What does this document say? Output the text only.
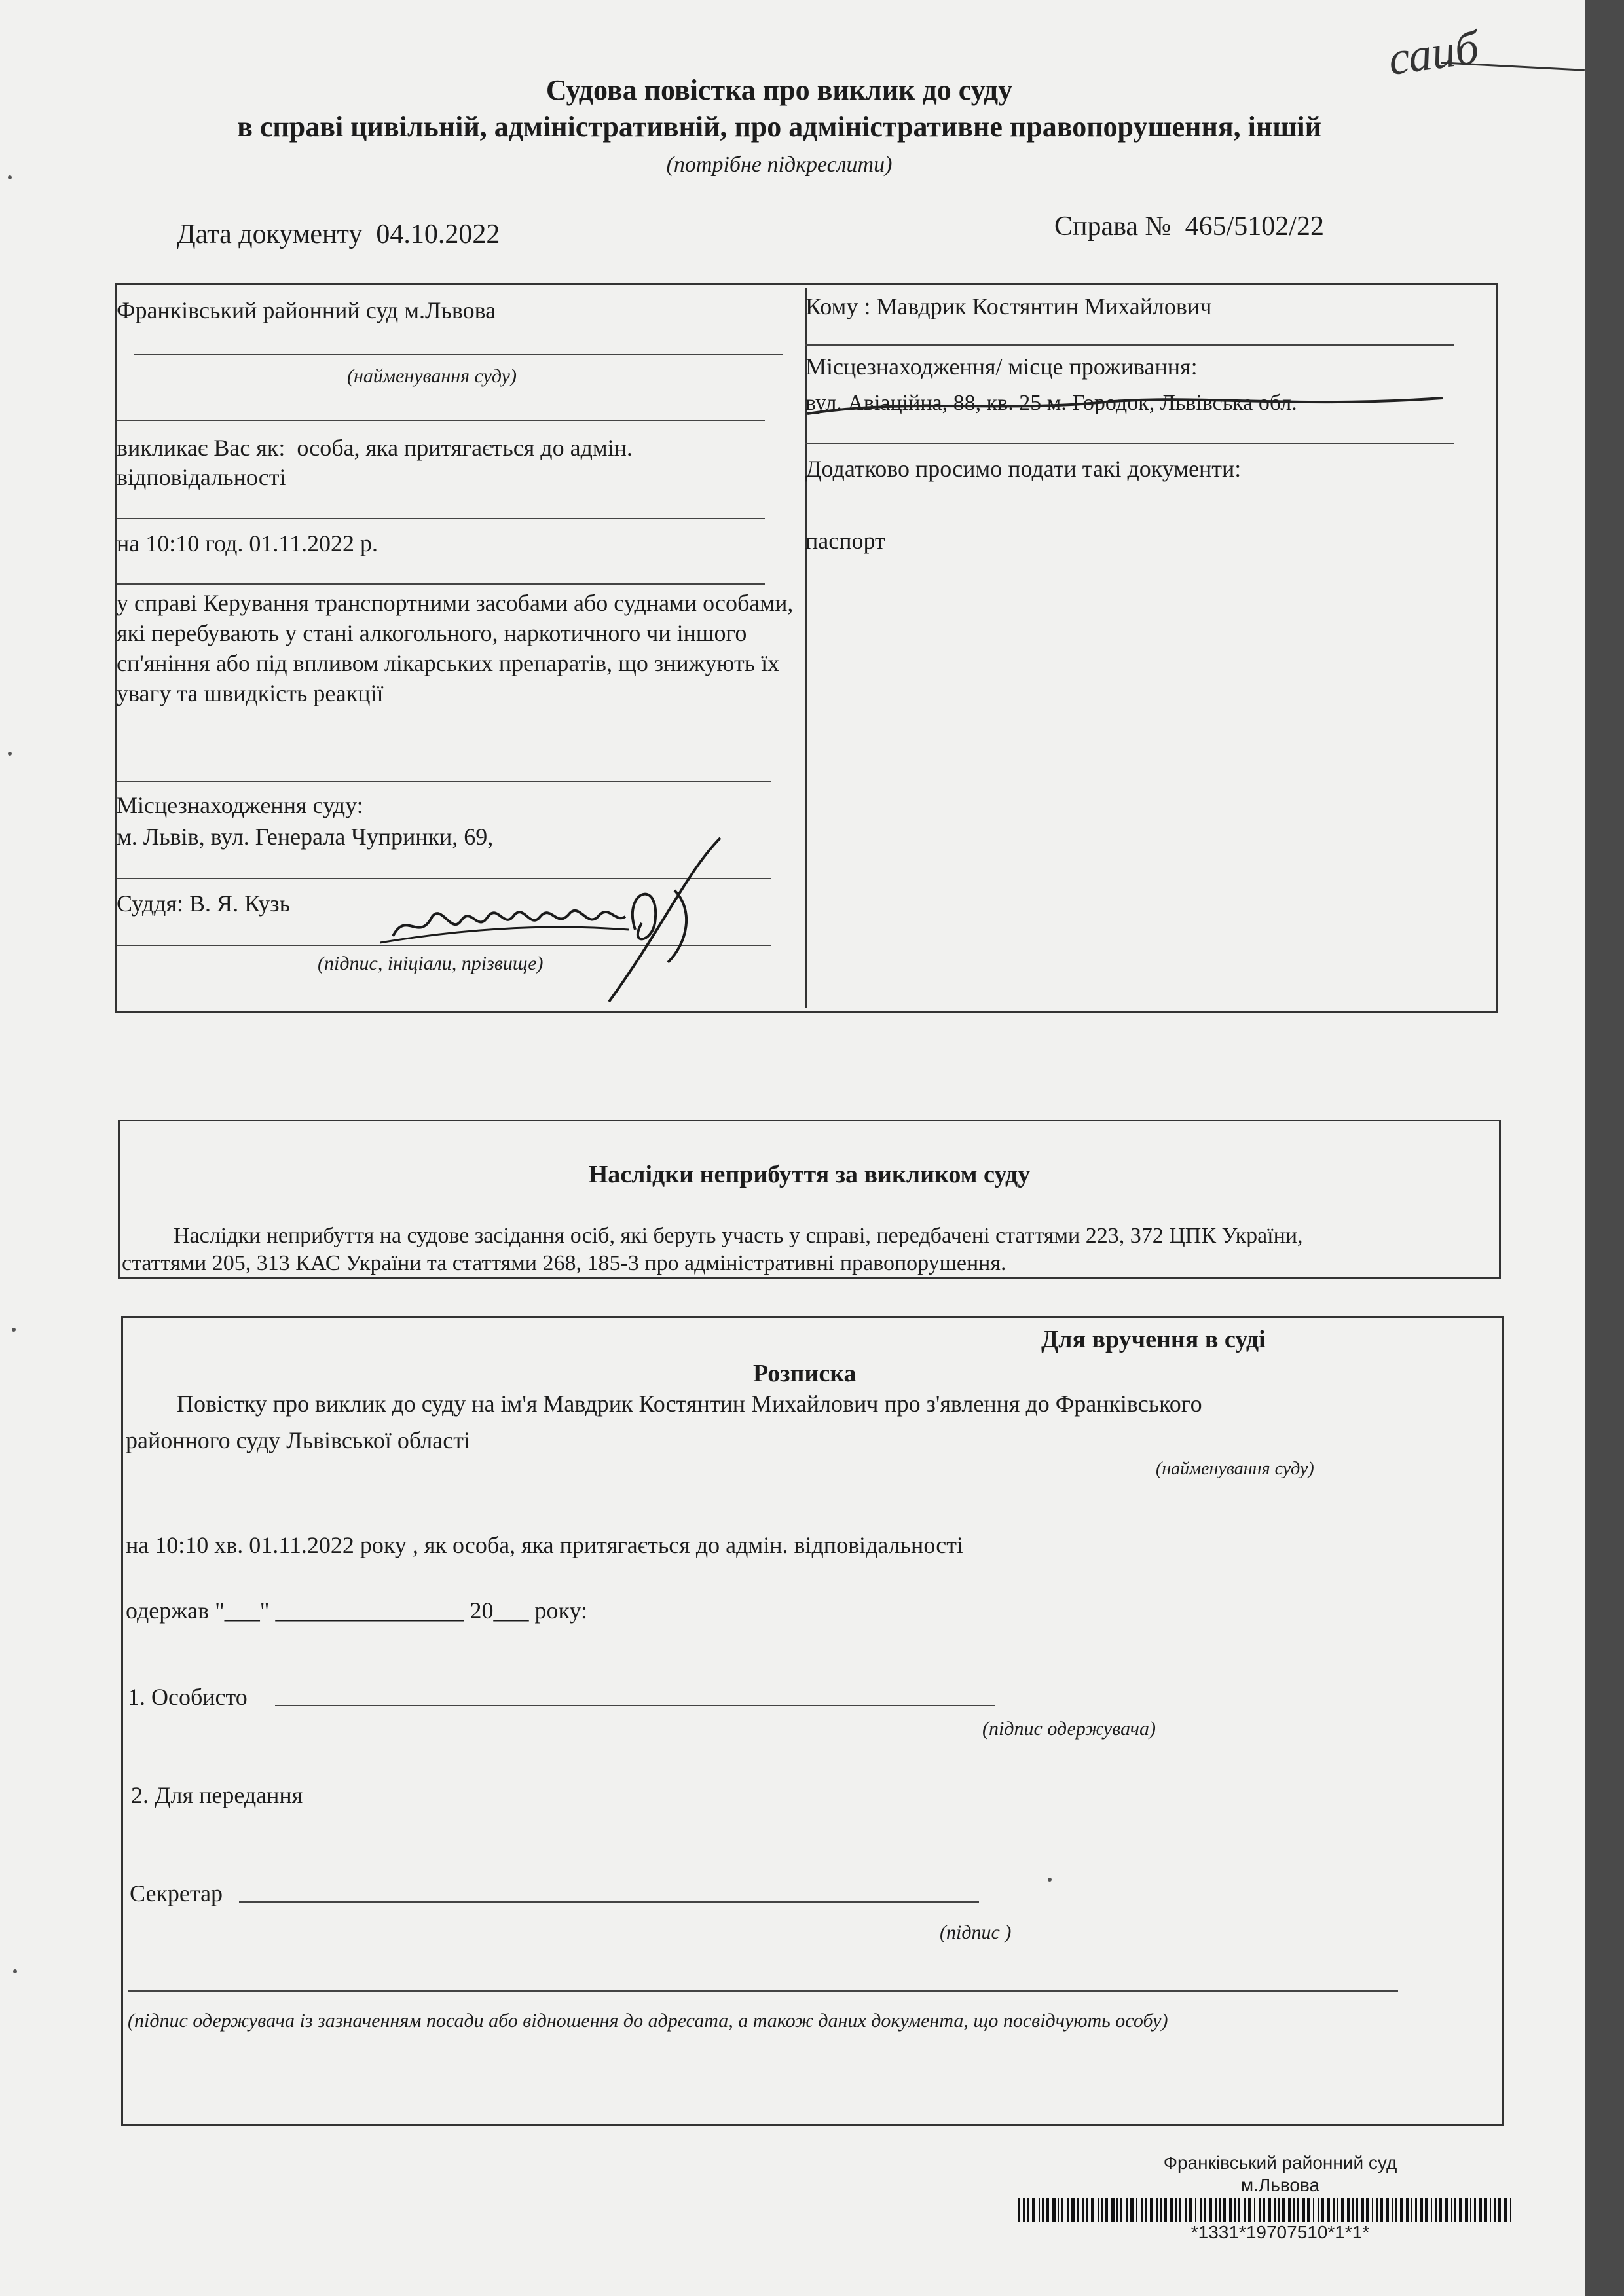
саиб
Судова повістка про виклик до суду
в справі цивільній, адміністративній, про адміністративне правопорушення, іншій
(потрібне підкреслити)
Дата документу 04.10.2022	Справа № 465/5102/22
Франківський районний суд м.Львова
(найменування суду)
викликає Вас як: особа, яка притягається до адмін. відповідальності
на 10:10 год. 01.11.2022 р.
у справі Керування транспортними засобами або суднами особами, які перебувають у стані алкогольного, наркотичного чи іншого сп'яніння або під впливом лікарських препаратів, що знижують їх увагу та швидкість реакції
Місцезнаходження суду:
м. Львів, вул. Генерала Чупринки, 69,
Суддя: В. Я. Кузь
(підпис, ініціали, прізвище)
Кому : Мавдрик Костянтин Михайлович
Місцезнаходження/ місце проживання:
вул. Авіаційна, 88, кв. 25 м. Городок, Львівська обл.
Додатково просимо подати такі документи:
паспорт
Наслідки неприбуття за викликом суду
Наслідки неприбуття на судове засідання осіб, які беруть участь у справі, передбачені статтями 223, 372 ЦПК України,
статтями 205, 313 КАС України та статтями 268, 185-3 про адміністративні правопорушення.
Для вручення в суді
Розписка
Повістку про виклик до суду на ім'я Мавдрик Костянтин Михайлович про з'явлення до Франківського
районного суду Львівської області
(найменування суду)
на 10:10 хв. 01.11.2022 року , як особа, яка притягається до адмін. відповідальності
одержав "___" ________________ 20___ року:
1. Особисто
(підпис одержувача)
2. Для передання
Секретар
(підпис )
(підпис одержувача із зазначенням посади або відношення до адресата, а також даних документа, що посвідчують особу)
Франківський районний суд
м.Львова
*1331*19707510*1*1*
